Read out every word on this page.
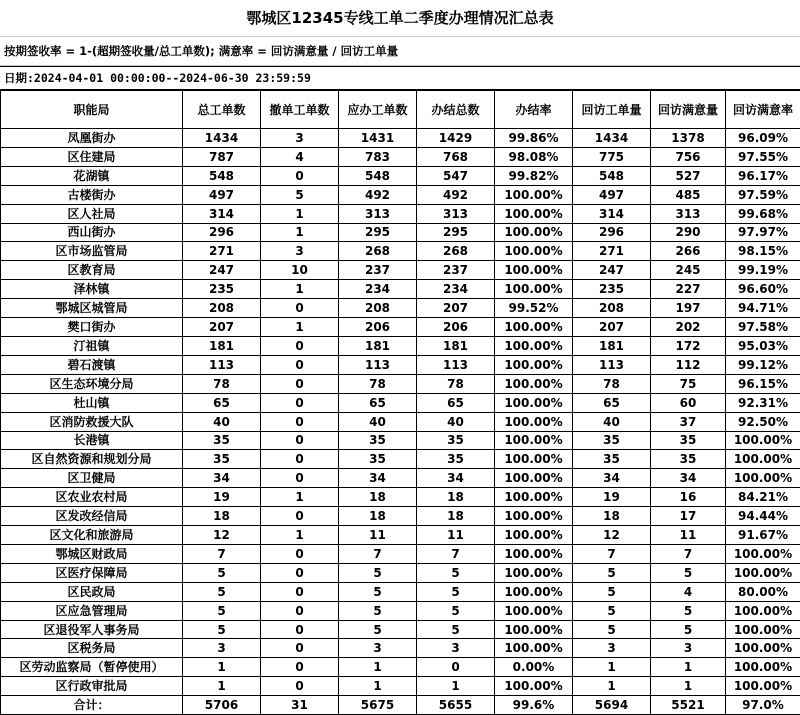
鄂城区12345专线工单二季度办理情况汇总表
按期签收率 = 1-(超期签收量/总工单数); 满意率 = 回访满意量 / 回访工单量
日期:2024-04-01 00:00:00--2024-06-30 23:59:59
职能局	总工单数	撤单工单数	应办工单数	办结总数	办结率	回访工单量	回访满意量	回访满意率
凤凰街办	1434	3	1431	1429	99.86%	1434	1378	96.09%
区住建局	787	4	783	768	98.08%	775	756	97.55%
花湖镇	548	0	548	547	99.82%	548	527	96.17%
古楼街办	497	5	492	492	100.00%	497	485	97.59%
区人社局	314	1	313	313	100.00%	314	313	99.68%
西山街办	296	1	295	295	100.00%	296	290	97.97%
区市场监管局	271	3	268	268	100.00%	271	266	98.15%
区教育局	247	10	237	237	100.00%	247	245	99.19%
泽林镇	235	1	234	234	100.00%	235	227	96.60%
鄂城区城管局	208	0	208	207	99.52%	208	197	94.71%
樊口街办	207	1	206	206	100.00%	207	202	97.58%
汀祖镇	181	0	181	181	100.00%	181	172	95.03%
碧石渡镇	113	0	113	113	100.00%	113	112	99.12%
区生态环境分局	78	0	78	78	100.00%	78	75	96.15%
杜山镇	65	0	65	65	100.00%	65	60	92.31%
区消防救援大队	40	0	40	40	100.00%	40	37	92.50%
长港镇	35	0	35	35	100.00%	35	35	100.00%
区自然资源和规划分局	35	0	35	35	100.00%	35	35	100.00%
区卫健局	34	0	34	34	100.00%	34	34	100.00%
区农业农村局	19	1	18	18	100.00%	19	16	84.21%
区发改经信局	18	0	18	18	100.00%	18	17	94.44%
区文化和旅游局	12	1	11	11	100.00%	12	11	91.67%
鄂城区财政局	7	0	7	7	100.00%	7	7	100.00%
区医疗保障局	5	0	5	5	100.00%	5	5	100.00%
区民政局	5	0	5	5	100.00%	5	4	80.00%
区应急管理局	5	0	5	5	100.00%	5	5	100.00%
区退役军人事务局	5	0	5	5	100.00%	5	5	100.00%
区税务局	3	0	3	3	100.00%	3	3	100.00%
区劳动监察局（暂停使用）	1	0	1	0	0.00%	1	1	100.00%
区行政审批局	1	0	1	1	100.00%	1	1	100.00%
合计：	5706	31	5675	5655	99.6%	5694	5521	97.0%
